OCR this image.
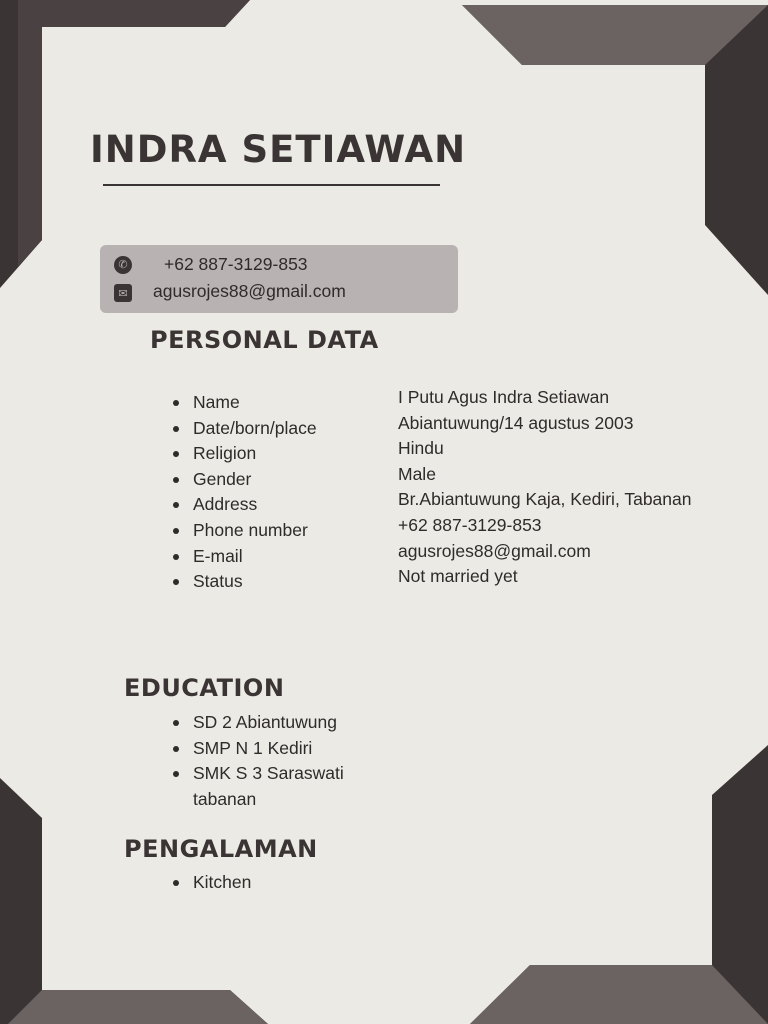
INDRA SETIAWAN
✆ +62 887-3129-853
✉ agusrojes88@gmail.com
PERSONAL DATA
Name
Date/born/place
Religion
Gender
Address
Phone number
E-mail
Status
I Putu Agus Indra Setiawan
Abiantuwung/14 agustus 2003
Hindu
Male
Br.Abiantuwung Kaja, Kediri, Tabanan
+62 887-3129-853
agusrojes88@gmail.com
Not married yet
EDUCATION
SD 2 Abiantuwung
SMP N 1 Kediri
SMK S 3 Saraswati
tabanan
PENGALAMAN
Kitchen
